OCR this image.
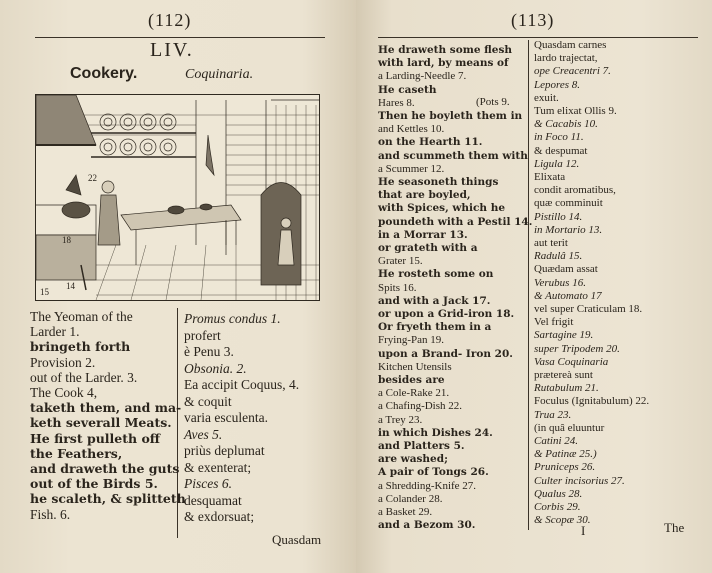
(112)
LIV.
Cookery.	Coquinaria.
22
18
14
15
The Yeoman of the
Larder 1.
bringeth forth
Provision 2.
out of the Larder. 3.
The Cook 4,
taketh them, and ma-
keth severall Meats.
He first pulleth off
the Feathers,
and draweth the guts
out of the Birds 5.
he scaleth, & splitteth
Fish. 6.
Promus condus 1.
profert
è Penu 3.
Obsonia. 2.
Ea accipit Coquus, 4.
& coquit
varia esculenta.
Aves 5.
priùs deplumat
& exenterat;
Pisces 6.
desquamat
& exdorsuat;
Quasdam
(113)
He draweth some flesh
with lard, by means of
a Larding-Needle 7.
He caseth
Hares 8.
Then he boyleth them in
and Kettles 10.
on the Hearth 11.
and scummeth them with
a Scummer 12.
He seasoneth things
that are boyled,
with Spices, which he
poundeth with a Pestil 14.
in a Morrar 13.
or grateth with a
Grater 15.
He rosteth some on
Spits 16.
and with a Jack 17.
or upon a Grid-iron 18.
Or fryeth them in a
Frying-Pan 19.
upon a Brand- Iron 20.
Kitchen Utensils
besides are
a Cole-Rake 21.
a Chafing-Dish 22.
a Trey 23.
in which Dishes 24.
and Platters 5.
are washed;
A pair of Tongs 26.
a Shredding-Knife 27.
a Colander 28.
a Basket 29.
and a Bezom 30.
(Pots 9.
Quasdam carnes
lardo trajectat,
ope Creacentri 7.
Lepores 8.
exuit.
Tum elixat Ollis 9.
& Cacabis 10.
in Foco 11.
& despumat
Ligula 12.
Elixata
condit aromatibus,
quæ comminuit
Pistillo 14.
in Mortario 13.
aut terit
Radulâ 15.
Quædam assat
Verubus 16.
& Automato 17
vel super Craticulam 18.
Vel frigit
Sartagine 19.
super Tripodem 20.
Vasa Coquinaria
prætereà sunt
Rutabulum 21.
Foculus (Ignitabulum) 22.
Trua 23.
(in quâ eluuntur
Catini 24.
& Patinæ 25.)
Pruniceps 26.
Culter incisorius 27.
Qualus 28.
Corbis 29.
& Scopæ 30.
I	The
